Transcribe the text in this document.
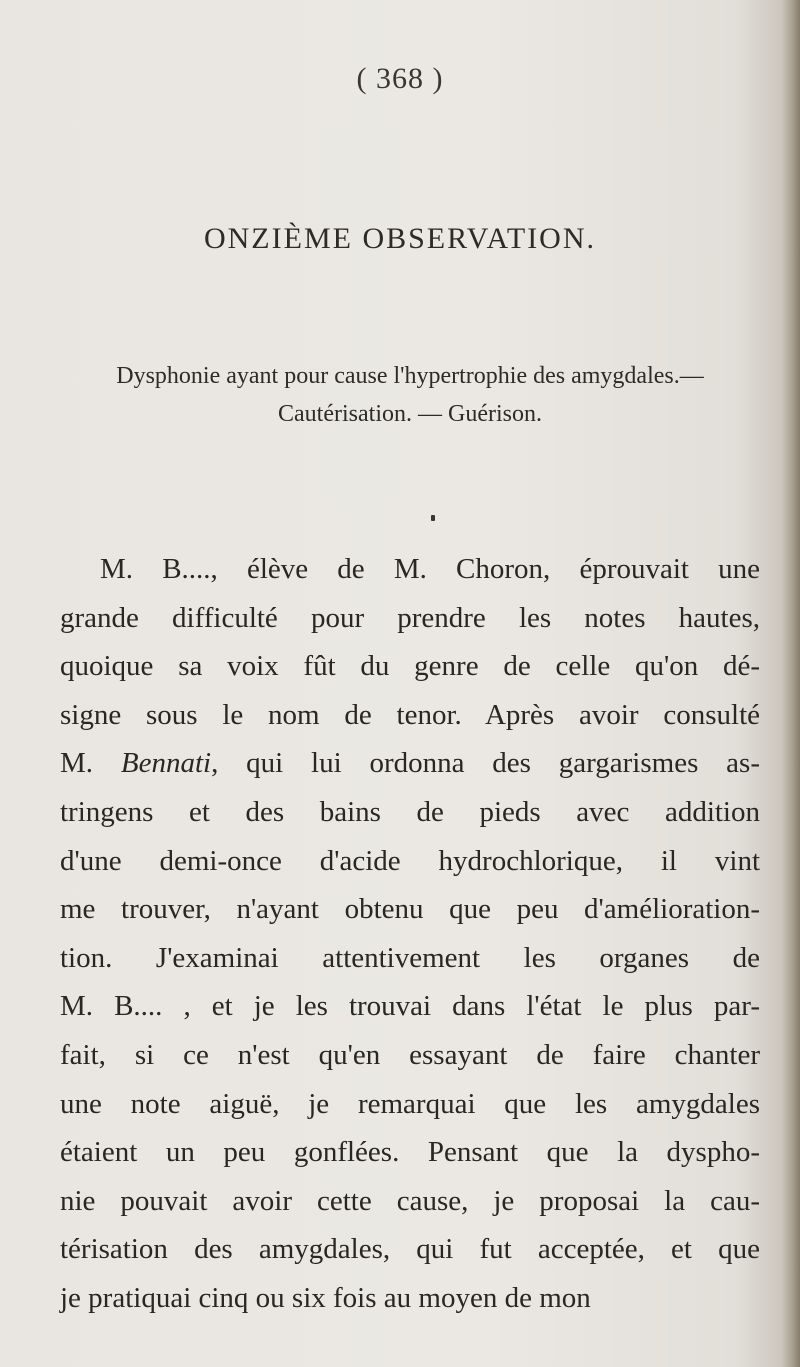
( 368 )
ONZIÈME OBSERVATION.
Dysphonie ayant pour cause l'hypertrophie des amygdales.—
Cautérisation. — Guérison.
M. B...., élève de M. Choron, éprouvait une
grande difficulté pour prendre les notes hautes,
quoique sa voix fût du genre de celle qu'on dé-
signe sous le nom de tenor. Après avoir consulté
M. Bennati, qui lui ordonna des gargarismes as-
tringens et des bains de pieds avec addition
d'une demi-once d'acide hydrochlorique, il vint
me trouver, n'ayant obtenu que peu d'amélioration-
tion. J'examinai attentivement les organes de
M. B.... , et je les trouvai dans l'état le plus par-
fait, si ce n'est qu'en essayant de faire chanter
une note aiguë, je remarquai que les amygdales
étaient un peu gonflées. Pensant que la dyspho-
nie pouvait avoir cette cause, je proposai la cau-
térisation des amygdales, qui fut acceptée, et que
je pratiquai cinq ou six fois au moyen de mon
